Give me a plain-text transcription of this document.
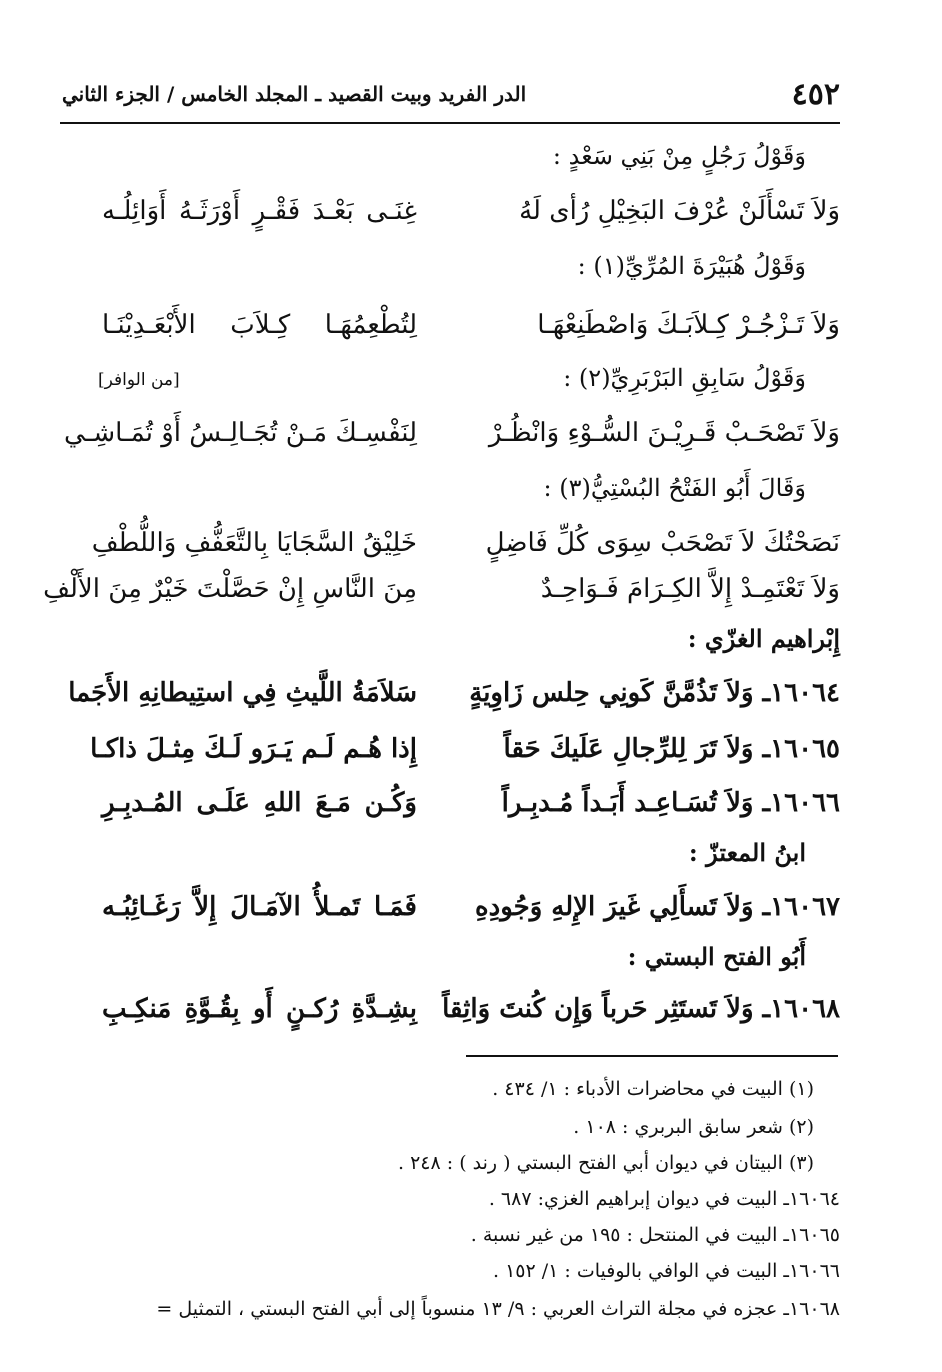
٤٥٢
الدر الفريد وبيت القصيد ـ المجلد الخامس / الجزء الثاني
وَقَوْلُ رَجُلٍ مِنْ بَنِي سَعْدٍ :
وَلاَ تَسْأَلَنْ عُرْفَ البَخِيْلِ رُأى لَهُ
غِنَـى بَعْـدَ فَقْـرٍ أَوْرَثَـهُ أَوَائِلُـه
وَقَوْلُ هُبَيْرَةَ المُرِّيِّ(١) :
وَلاَ تَـزْجُـرْ كِـلاَبَـكَ وَاصْطَنِعْهَـا
لِتُطْعِمُهَـا كِـلاَبَ الأَبْعَـدِيْنَـا
وَقَوْلُ سَابِقِ البَرْبَرِيِّ(٢) :
[من الوافر]
وَلاَ تَصْحَـبْ قَـرِيْـنَ السُّـوْءِ وَانْظُـرْ
لِنَفْسِـكَ مَـنْ تُجَـالِـسُ أَوْ تُمَـاشِـي
وَقَالَ أَبُو الفَتْحُ البُسْتِيُّ(٣) :
نَصَحْتُكَ لاَ تَصْحَبْ سِوَى كُلِّ فَاضِلٍ
خَلِيْقُ السَّجَايَا بِالتَّعَفُّفِ وَاللُّطْفِ
وَلاَ تَعْتَمِـدْ إِلاَّ الكِـرَامَ فَـوَاحِـدٌ
مِنَ النَّاسِ إِنْ حَصَّلْتَ خَيْرٌ مِنَ الأَلْفِ
إِبْراهيم الغزّي :
١٦٠٦٤ـ وَلاَ تَذُمَّنَّ كَونِي حِلس زَاوِيَةٍ
سَلاَمَةُ اللَّيثِ فِي استِيطانِهِ الأَجَما
١٦٠٦٥ـ وَلاَ تَرَ لِلرِّجالِ عَلَيكَ حَقاً
إِذا هُـم لَـم يَـرَو لَـكَ مِثـلَ ذاكـا
١٦٠٦٦ـ وَلاَ تُسَـاعِـد أَبَـداً مُـدبِـراً
وَكُـن مَـعَ اللهِ عَلَـى المُـدبِـرِ
ابنُ المعتزّ :
١٦٠٦٧ـ وَلاَ تَسأَلِي غَيرَ الإِلهِ وَجُودِهِ
فَمَـا تَمـلأُ الآمَـالَ إِلاَّ رَغَـائِبُـه
أَبُو الفتح البستي :
١٦٠٦٨ـ وَلاَ تَستَثِر حَرباً وَإِن كُنتَ وَاثِقاً
بِشِـدَّةِ رُكـنٍ أَو بِقُـوَّةِ مَنكِـبِ
(١) البيت في محاضرات الأدباء : ١/ ٤٣٤ .
(٢) شعر سابق البربري : ١٠٨ .
(٣) البيتان في ديوان أبي الفتح البستي ( رند ) : ٢٤٨ .
١٦٠٦٤ـ البيت في ديوان إبراهيم الغزي: ٦٨٧ .
١٦٠٦٥ـ البيت في المنتحل : ١٩٥ من غير نسبة .
١٦٠٦٦ـ البيت في الوافي بالوفيات : ١/ ١٥٢ .
١٦٠٦٨ـ عجزه في مجلة التراث العربي : ٩/ ١٣ منسوباً إلى أبي الفتح البستي ، التمثيل =
